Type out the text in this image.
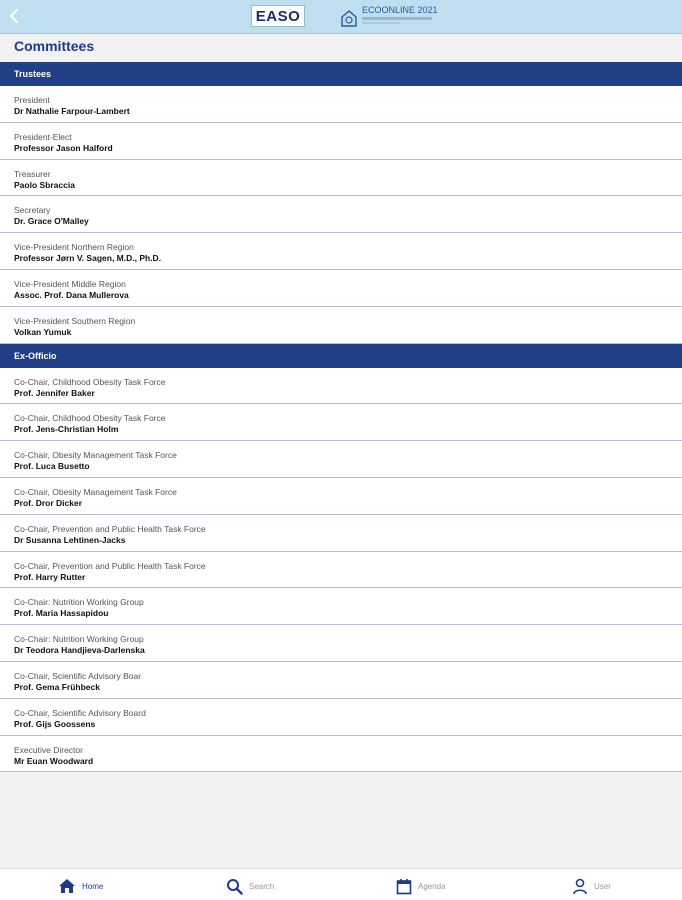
EASO	ECOONLINE 2021
Committees
Trustees
President
Dr Nathalie Farpour-Lambert
President-Elect
Professor Jason Halford
Treasurer
Paolo Sbraccia
Secretary
Dr. Grace O'Malley
Vice-President Northern Region
Professor Jørn V. Sagen, M.D., Ph.D.
Vice-President Middle Region
Assoc. Prof. Dana Mullerova
Vice-President Southern Region
Volkan Yumuk
Ex-Officio
Co-Chair, Childhood Obesity Task Force
Prof. Jennifer Baker
Co-Chair, Childhood Obesity Task Force
Prof. Jens-Christian Holm
Co-Chair, Obesity Management Task Force
Prof. Luca Busetto
Co-Chair, Obesity Management Task Force
Prof. Dror Dicker
Co-Chair, Prevention and Public Health Task Force
Dr Susanna Lehtinen-Jacks
Co-Chair, Prevention and Public Health Task Force
Prof. Harry Rutter
Co-Chair: Nutrition Working Group
Prof. Maria Hassapidou
Co-Chair: Nutrition Working Group
Dr Teodora Handjieva-Darlenska
Co-Chair, Scientific Advisory Boar
Prof. Gema Frühbeck
Co-Chair, Scientific Advisory Board
Prof. Gijs Goossens
Executive Director
Mr Euan Woodward
Home	Search	Agenda	User
